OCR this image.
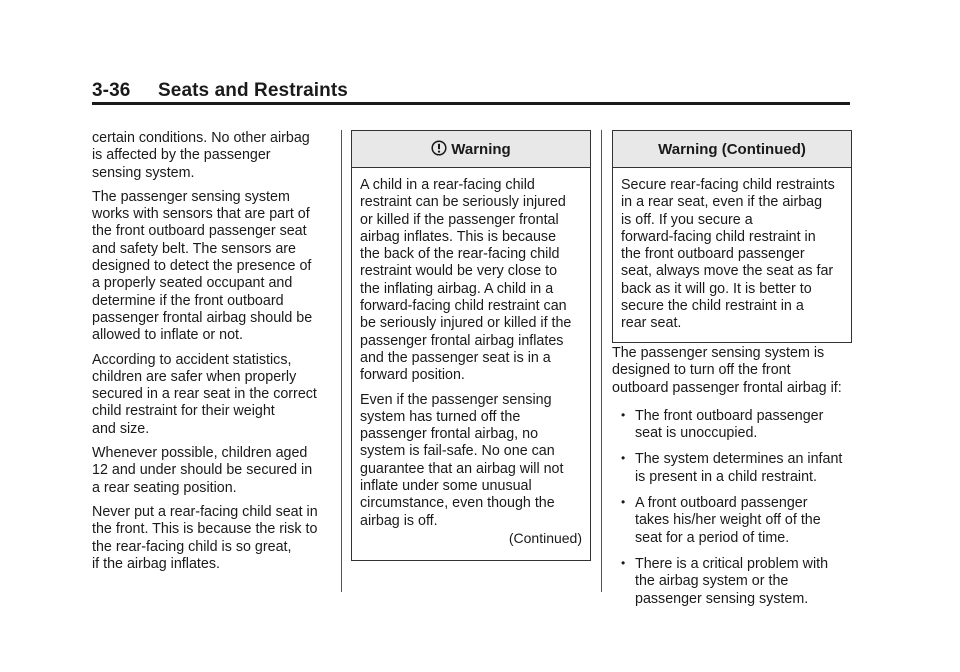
3-36 Seats and Restraints

certain conditions. No other airbag
is affected by the passenger
sensing system.

The passenger sensing system
works with sensors that are part of
the front outboard passenger seat
and safety belt. The sensors are
designed to detect the presence of
a properly seated occupant and
determine if the front outboard
passenger frontal airbag should be
allowed to inflate or not.

According to accident statistics,
children are safer when properly
secured in a rear seat in the correct
child restraint for their weight
and size.

Whenever possible, children aged
12 and under should be secured in
a rear seating position.

Never put a rear-facing child seat in
the front. This is because the risk to
the rear-facing child is so great,
if the airbag inflates.

Warning

A child in a rear-facing child
restraint can be seriously injured
or killed if the passenger frontal
airbag inflates. This is because
the back of the rear-facing child
restraint would be very close to
the inflating airbag. A child in a
forward-facing child restraint can
be seriously injured or killed if the
passenger frontal airbag inflates
and the passenger seat is in a
forward position.

Even if the passenger sensing
system has turned off the
passenger frontal airbag, no
system is fail-safe. No one can
guarantee that an airbag will not
inflate under some unusual
circumstance, even though the
airbag is off.

(Continued)

Warning (Continued)

Secure rear-facing child restraints
in a rear seat, even if the airbag
is off. If you secure a
forward-facing child restraint in
the front outboard passenger
seat, always move the seat as far
back as it will go. It is better to
secure the child restraint in a
rear seat.

The passenger sensing system is
designed to turn off the front
outboard passenger frontal airbag if:

• The front outboard passenger
seat is unoccupied.
• The system determines an infant
is present in a child restraint.
• A front outboard passenger
takes his/her weight off of the
seat for a period of time.
• There is a critical problem with
the airbag system or the
passenger sensing system.
